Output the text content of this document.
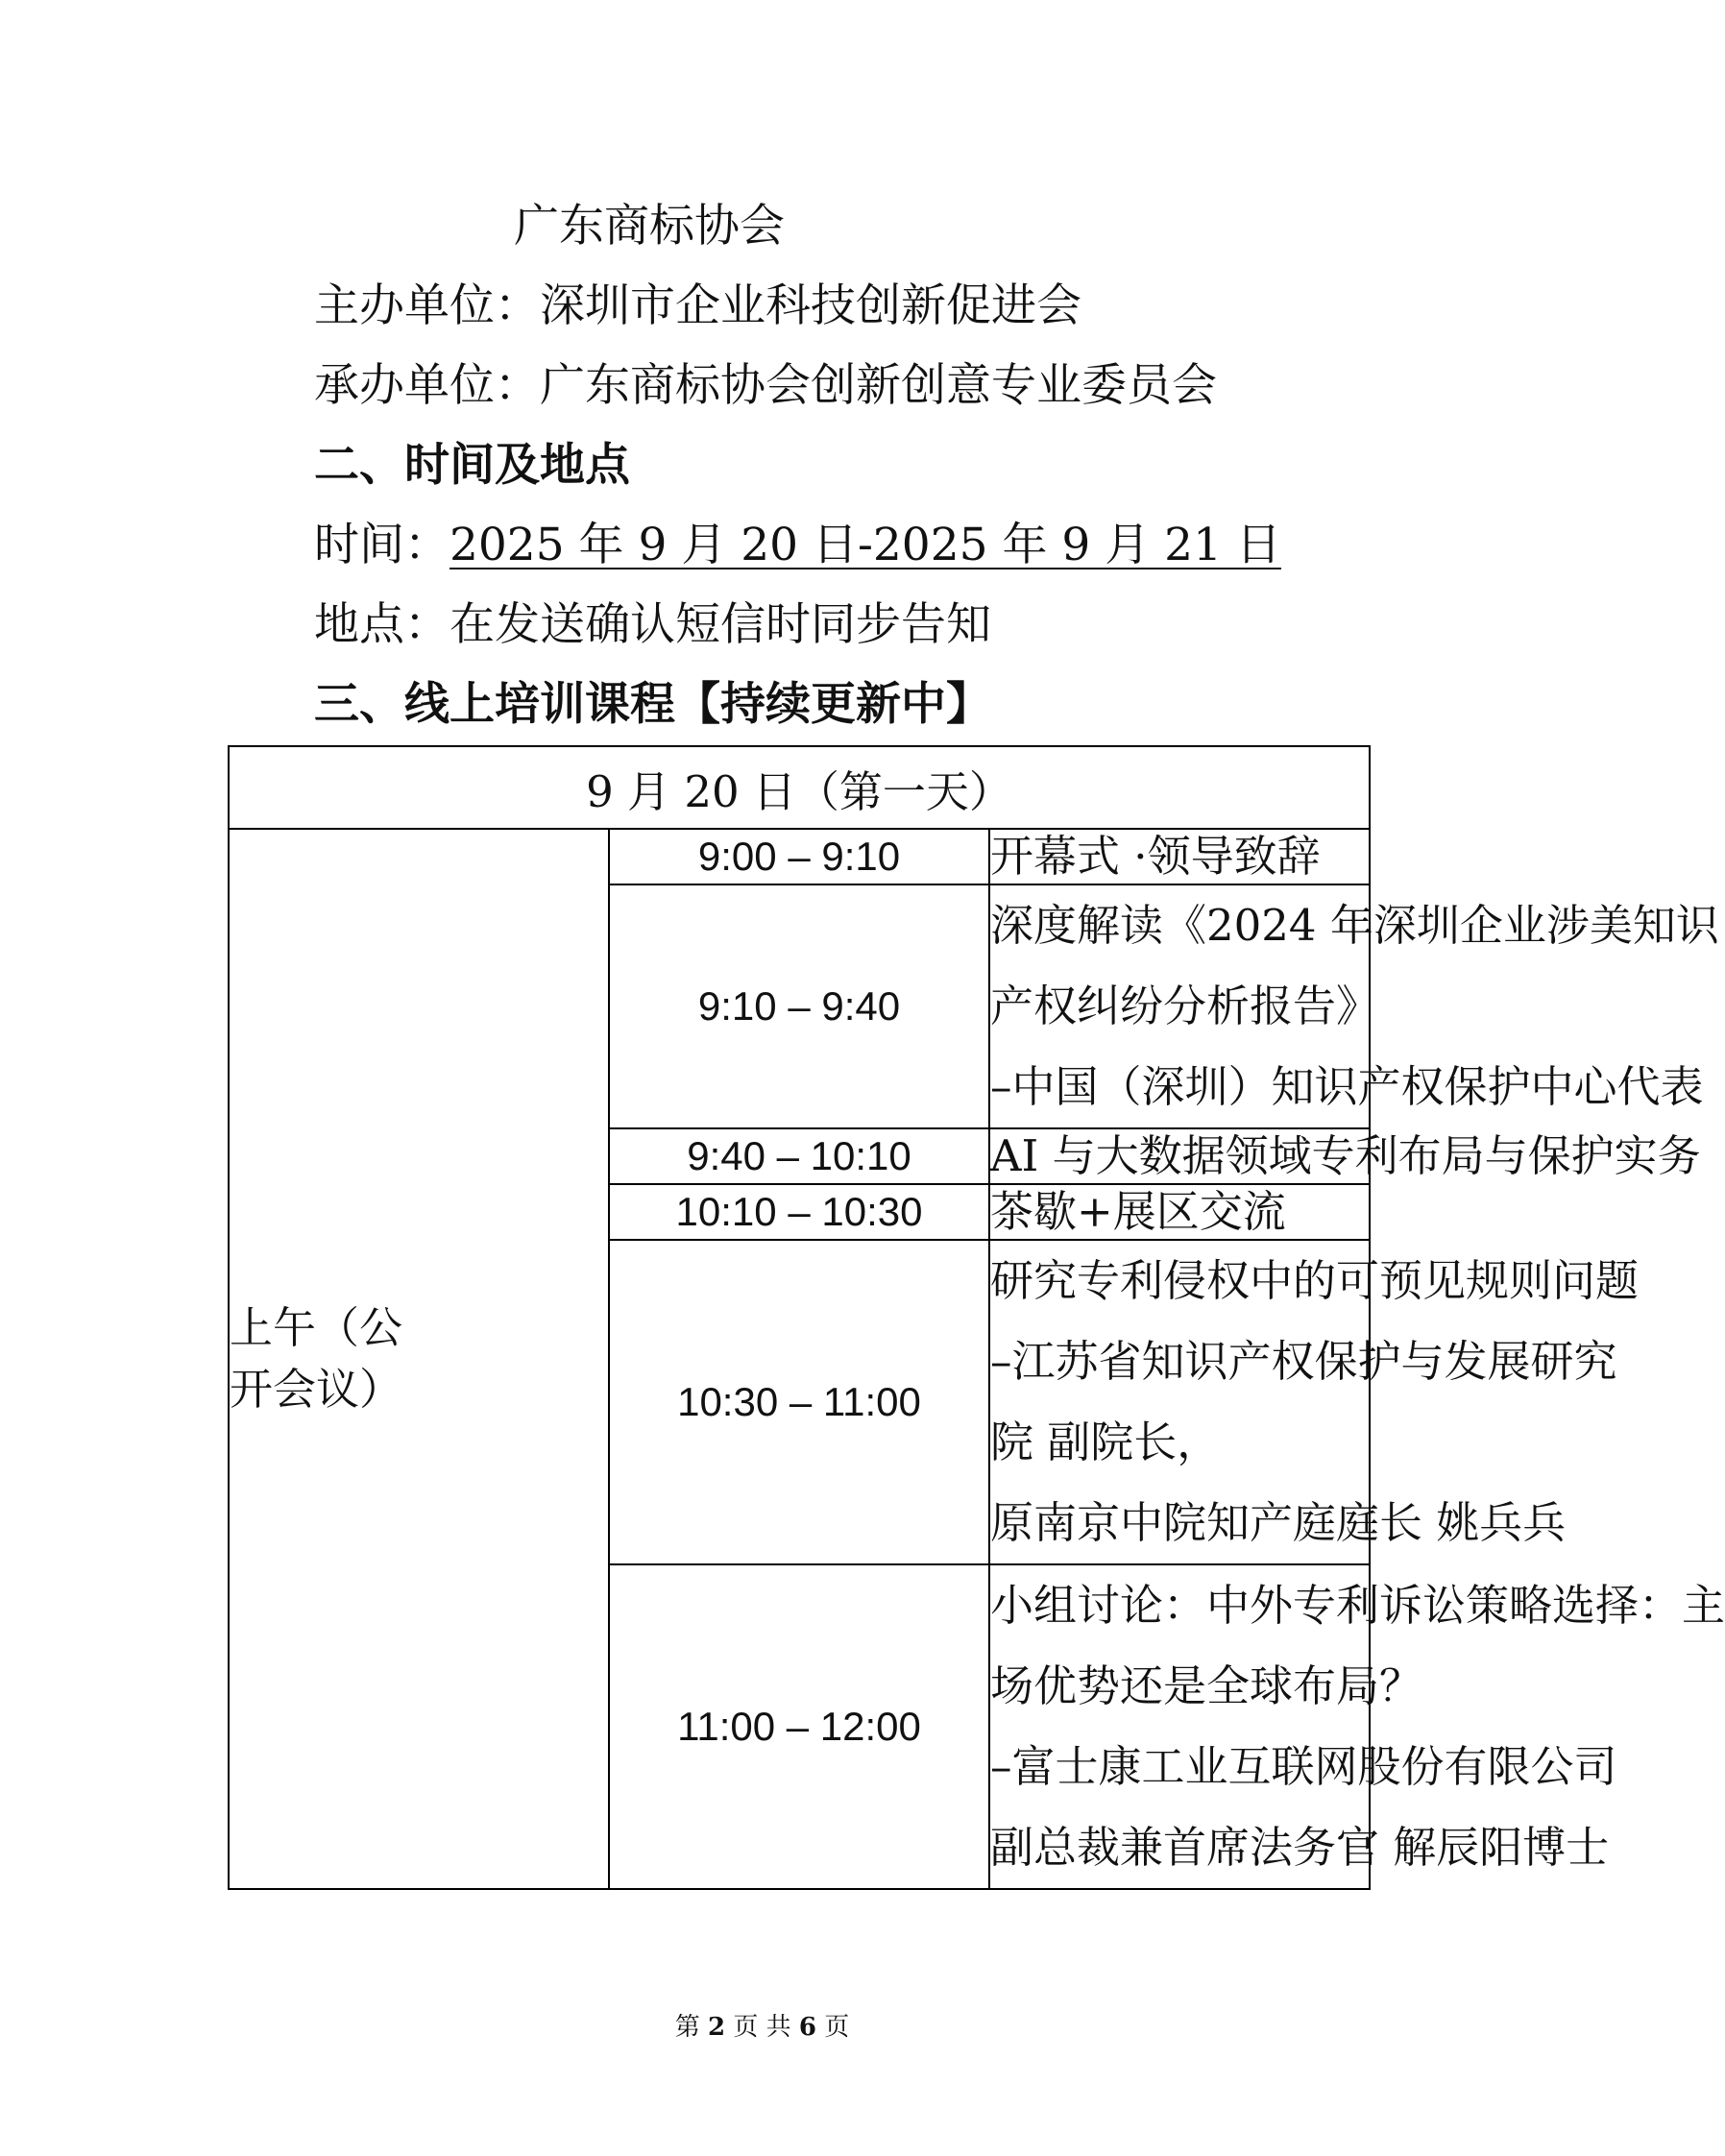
广东商标协会
主办单位：深圳市企业科技创新促进会
承办单位：广东商标协会创新创意专业委员会
二、时间及地点
时间：2025 年 9 月 20 日-2025 年 9 月 21 日
地点：在发送确认短信时同步告知
三、线上培训课程【持续更新中】
9 月 20 日（第一天）		

上午（公
开会议）	9:00 – 9:10	开幕式 ·领导致辞

	9:10 – 9:40	深度解读《2024 年深圳企业涉美知识
产权纠纷分析报告》
–中国（深圳）知识产权保护中心代表

	9:40 – 10:10	AI 与大数据领域专利布局与保护实务

	10:10 – 10:30	茶歇+展区交流

	10:30 – 11:00	研究专利侵权中的可预见规则问题
–江苏省知识产权保护与发展研究
院 副院长，
原南京中院知产庭庭长 姚兵兵

	11:00 – 12:00	小组讨论：中外专利诉讼策略选择：主
场优势还是全球布局？
–富士康工业互联网股份有限公司
副总裁兼首席法务官 解辰阳博士
第 2 页 共 6 页
